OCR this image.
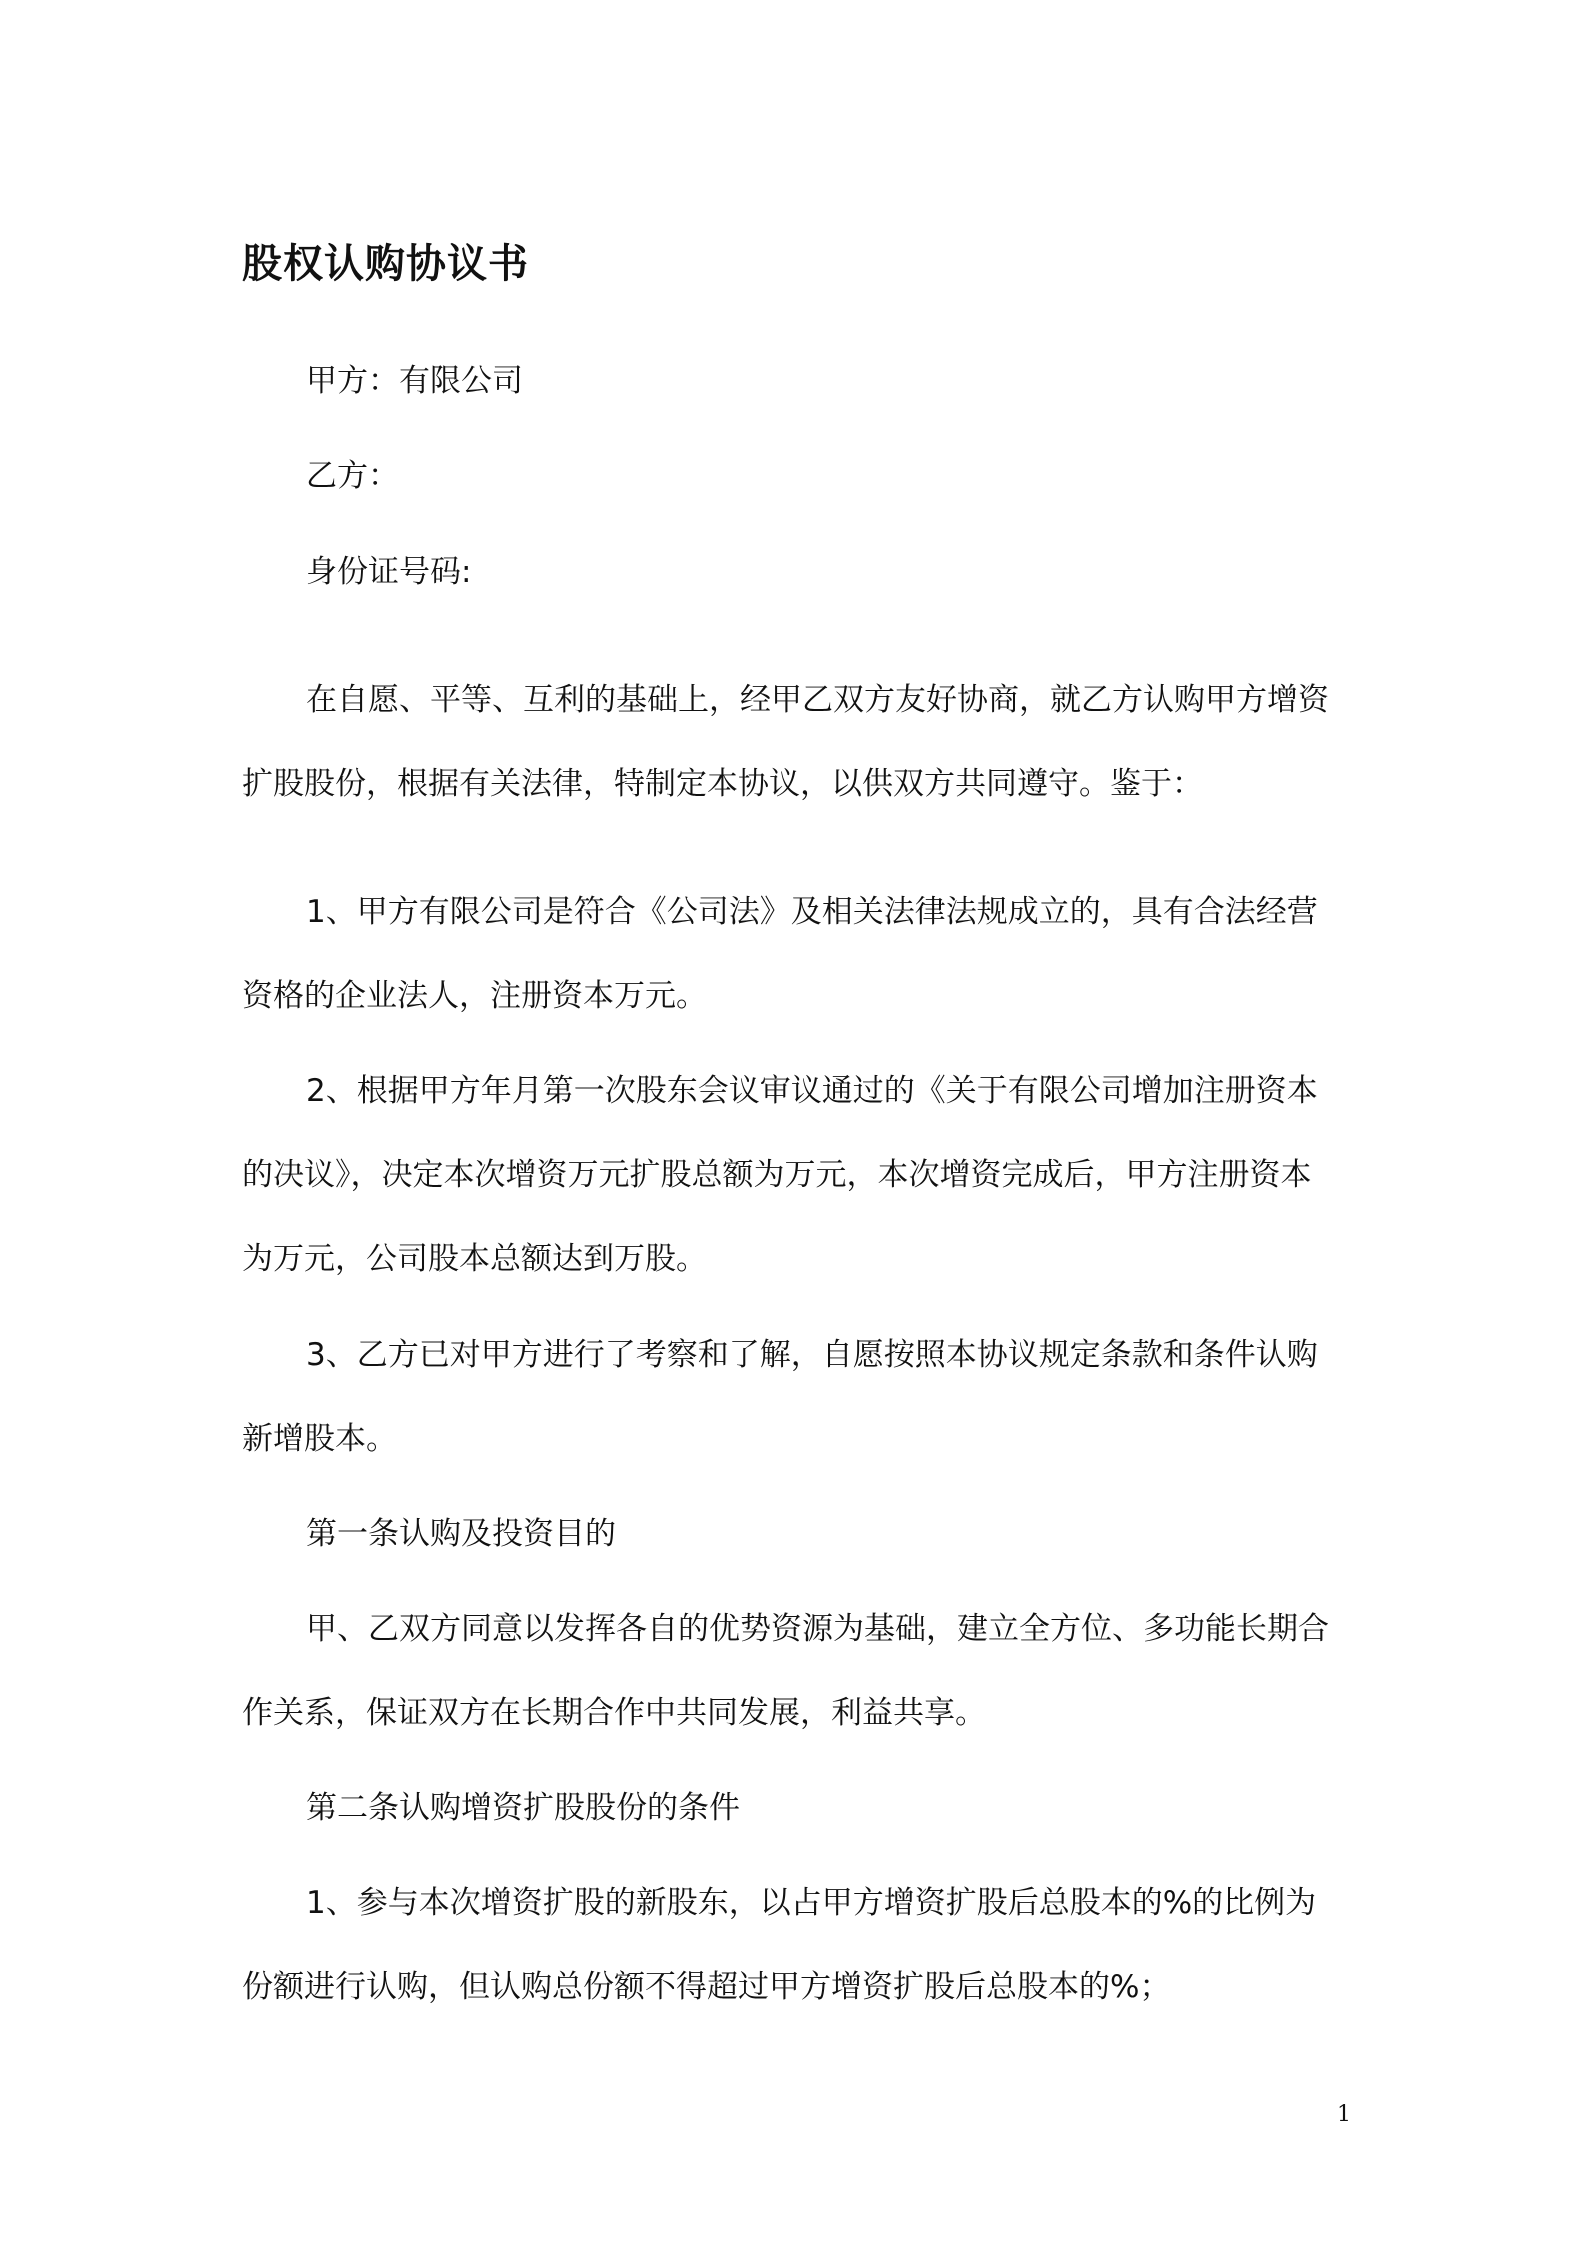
股权认购协议书
甲方：有限公司
乙方：
身份证号码:
在自愿、平等、互利的基础上，经甲乙双方友好协商，就乙方认购甲方增资
扩股股份，根据有关法律，特制定本协议，以供双方共同遵守。鉴于：
1、甲方有限公司是符合《公司法》及相关法律法规成立的，具有合法经营
资格的企业法人，注册资本万元。
2、根据甲方年月第一次股东会议审议通过的《关于有限公司增加注册资本
的决议》，决定本次增资万元扩股总额为万元，本次增资完成后，甲方注册资本
为万元，公司股本总额达到万股。
3、乙方已对甲方进行了考察和了解，自愿按照本协议规定条款和条件认购
新增股本。
第一条认购及投资目的
甲、乙双方同意以发挥各自的优势资源为基础，建立全方位、多功能长期合
作关系，保证双方在长期合作中共同发展，利益共享。
第二条认购增资扩股股份的条件
1、参与本次增资扩股的新股东，以占甲方增资扩股后总股本的%的比例为
份额进行认购，但认购总份额不得超过甲方增资扩股后总股本的%；
1
